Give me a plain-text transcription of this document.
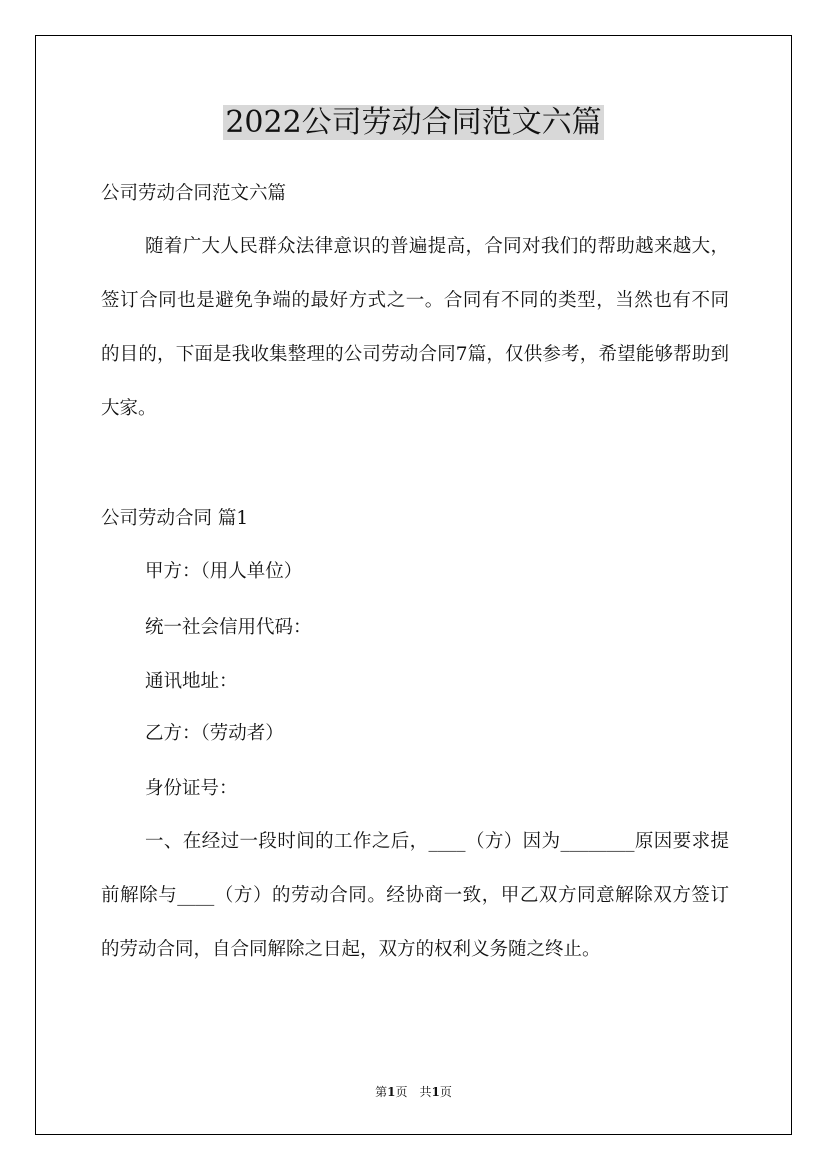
2022公司劳动合同范文六篇
公司劳动合同范文六篇
随着广大人民群众法律意识的普遍提高，合同对我们的帮助越来越大，签订合同也是避免争端的最好方式之一。合同有不同的类型，当然也有不同的目的，下面是我收集整理的公司劳动合同7篇，仅供参考，希望能够帮助到大家。
公司劳动合同 篇1
甲方：（用人单位）
统一社会信用代码：
通讯地址：
乙方：（劳动者）
身份证号：
一、在经过一段时间的工作之后，____（方）因为________原因要求提前解除与____（方）的劳动合同。经协商一致，甲乙双方同意解除双方签订的劳动合同，自合同解除之日起，双方的权利义务随之终止。
第1页　共1页
